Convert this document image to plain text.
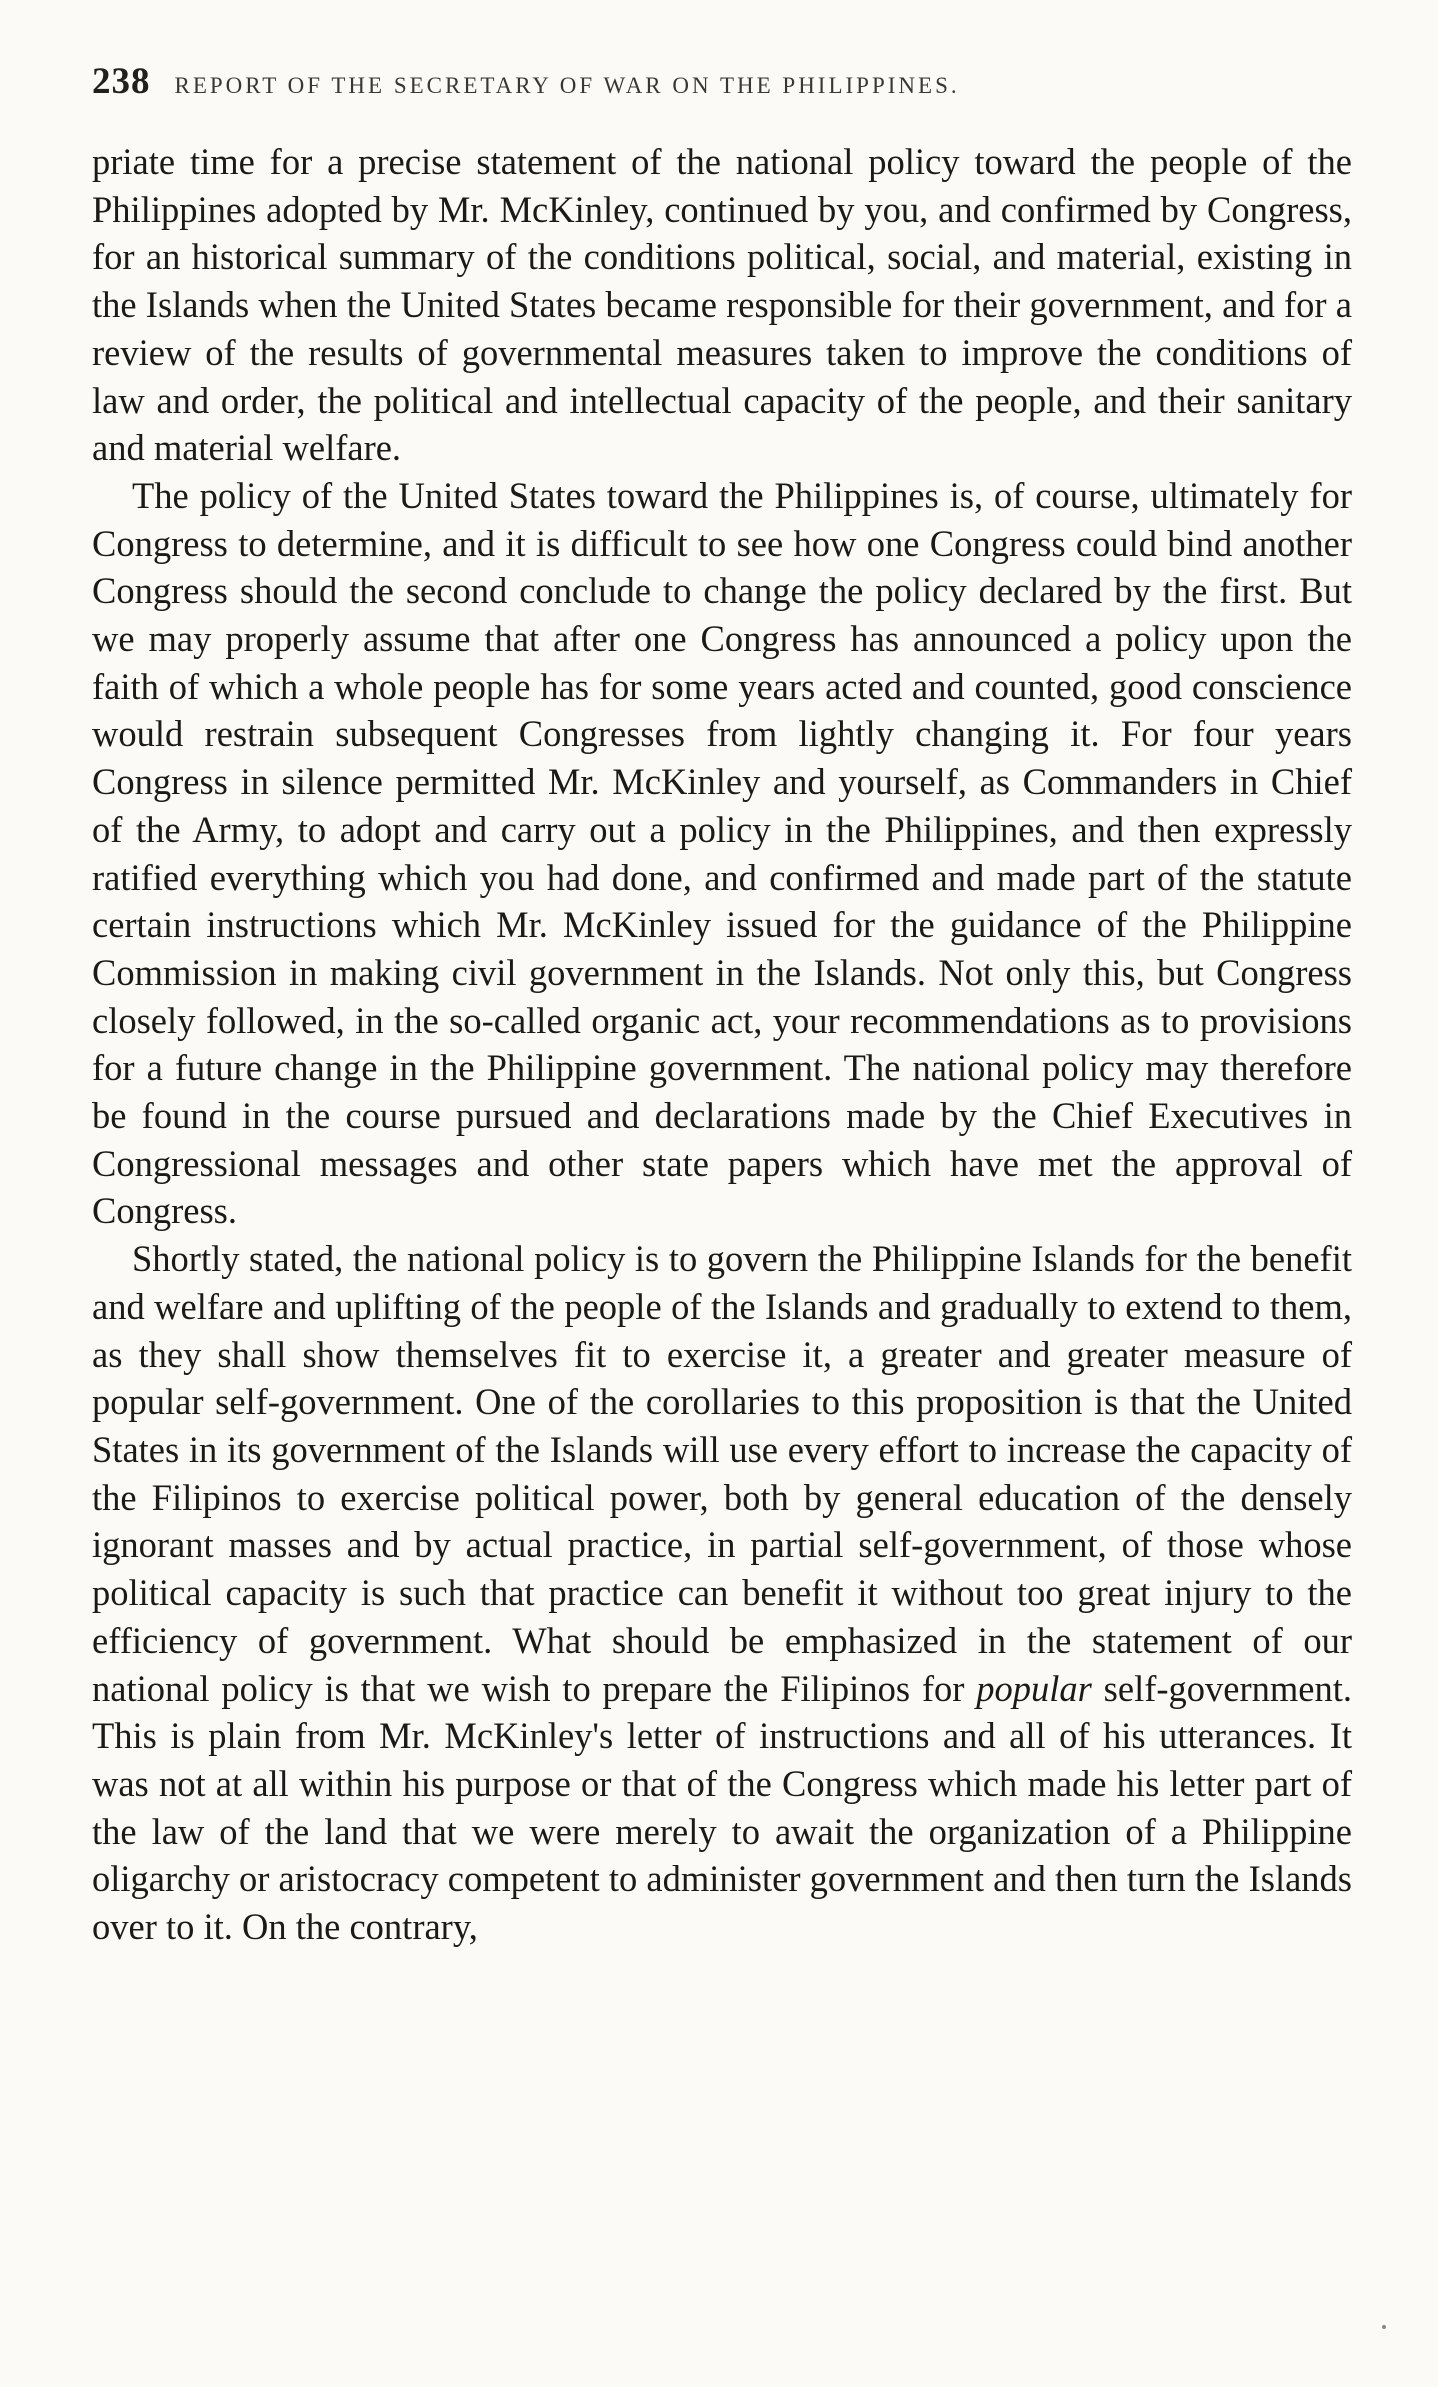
238 REPORT OF THE SECRETARY OF WAR ON THE PHILIPPINES.

priate time for a precise statement of the national policy toward the people of the Philippines adopted by Mr. McKinley, continued by you, and confirmed by Congress, for an historical summary of the conditions political, social, and material, existing in the Islands when the United States became responsible for their government, and for a review of the results of governmental measures taken to improve the conditions of law and order, the political and intellectual capacity of the people, and their sanitary and material welfare.

The policy of the United States toward the Philippines is, of course, ultimately for Congress to determine, and it is difficult to see how one Congress could bind another Congress should the second conclude to change the policy declared by the first. But we may properly assume that after one Congress has announced a policy upon the faith of which a whole people has for some years acted and counted, good conscience would restrain subsequent Congresses from lightly changing it. For four years Congress in silence permitted Mr. McKinley and yourself, as Commanders in Chief of the Army, to adopt and carry out a policy in the Philippines, and then expressly ratified everything which you had done, and confirmed and made part of the statute certain instructions which Mr. McKinley issued for the guidance of the Philippine Commission in making civil government in the Islands. Not only this, but Congress closely followed, in the so-called organic act, your recommendations as to provisions for a future change in the Philippine government. The national policy may therefore be found in the course pursued and declarations made by the Chief Executives in Congressional messages and other state papers which have met the approval of Congress.

Shortly stated, the national policy is to govern the Philippine Islands for the benefit and welfare and uplifting of the people of the Islands and gradually to extend to them, as they shall show themselves fit to exercise it, a greater and greater measure of popular self-government. One of the corollaries to this proposition is that the United States in its government of the Islands will use every effort to increase the capacity of the Filipinos to exercise political power, both by general education of the densely ignorant masses and by actual practice, in partial self-government, of those whose political capacity is such that practice can benefit it without too great injury to the efficiency of government. What should be emphasized in the statement of our national policy is that we wish to prepare the Filipinos for popular self-government. This is plain from Mr. McKinley's letter of instructions and all of his utterances. It was not at all within his purpose or that of the Congress which made his letter part of the law of the land that we were merely to await the organization of a Philippine oligarchy or aristocracy competent to administer government and then turn the Islands over to it. On the contrary,
